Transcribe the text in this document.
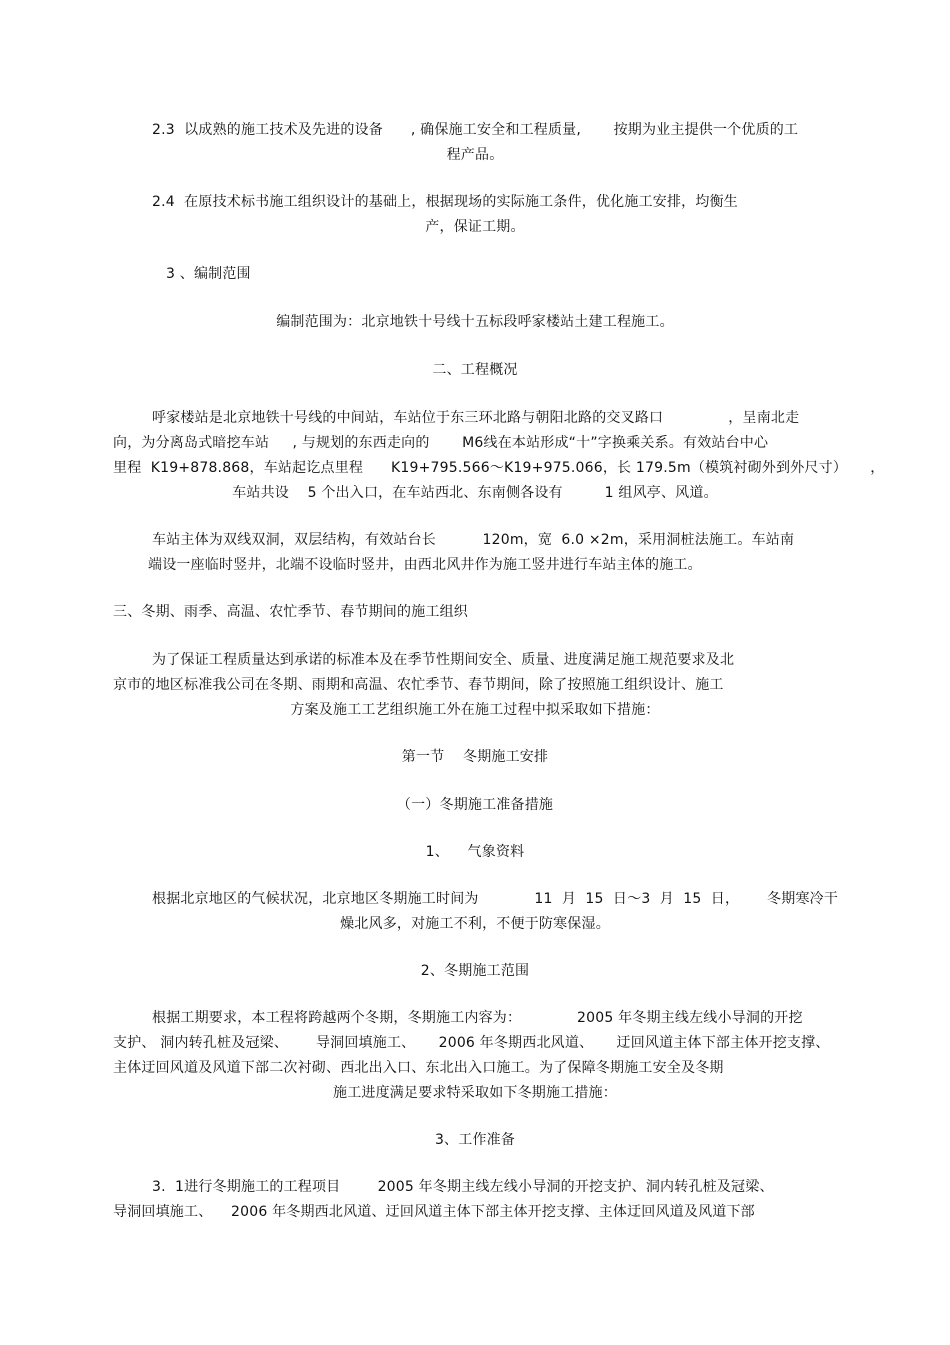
2.3  以成熟的施工技术及先进的设备      , 确保施工安全和工程质量,       按期为业主提供一个优质的工
程产品。
2.4  在原技术标书施工组织设计的基础上，根据现场的实际施工条件，优化施工安排，均衡生
产，保证工期。
3 、编制范围
编制范围为：北京地铁十号线十五标段呼家楼站土建工程施工。
二、工程概况
呼家楼站是北京地铁十号线的中间站，车站位于东三环北路与朝阳北路的交叉路口              ，呈南北走
向，为分离岛式暗挖车站     , 与规划的东西走向的       M6线在本站形成“十”字换乘关系。有效站台中心
里程  K19+878.868，车站起讫点里程      K19+795.566～K19+975.066，长 179.5m（模筑衬砌外到外尺寸）     ，
车站共设    5 个出入口，在车站西北、东南侧各设有         1 组风亭、风道。
车站主体为双线双洞，双层结构，有效站台长          120m，宽  6.0 ×2m，采用洞桩法施工。车站南
端设一座临时竖井，北端不设临时竖井，由西北风井作为施工竖井进行车站主体的施工。
三、冬期、雨季、高温、农忙季节、春节期间的施工组织
为了保证工程质量达到承诺的标准本及在季节性期间安全、质量、进度满足施工规范要求及北
京市的地区标准我公司在冬期、雨期和高温、农忙季节、春节期间，除了按照施工组织设计、施工
方案及施工工艺组织施工外在施工过程中拟采取如下措施：
第一节    冬期施工安排
（一）冬期施工准备措施
1、    气象资料
根据北京地区的气候状况，北京地区冬期施工时间为            11  月  15  日～3  月  15  日，      冬期寒冷干
燥北风多，对施工不利，不便于防寒保湿。
2、冬期施工范围
根据工期要求，本工程将跨越两个冬期，冬期施工内容为：            2005 年冬期主线左线小导洞的开挖
支护、 洞内转孔桩及冠梁、      导洞回填施工、     2006 年冬期西北风道、     迂回风道主体下部主体开挖支撑、
主体迂回风道及风道下部二次衬砌、西北出入口、东北出入口施工。为了保障冬期施工安全及冬期
施工进度满足要求特采取如下冬期施工措施：
3、工作准备
3.  1进行冬期施工的工程项目        2005 年冬期主线左线小导洞的开挖支护、洞内转孔桩及冠梁、
导洞回填施工、    2006 年冬期西北风道、迂回风道主体下部主体开挖支撑、主体迂回风道及风道下部
